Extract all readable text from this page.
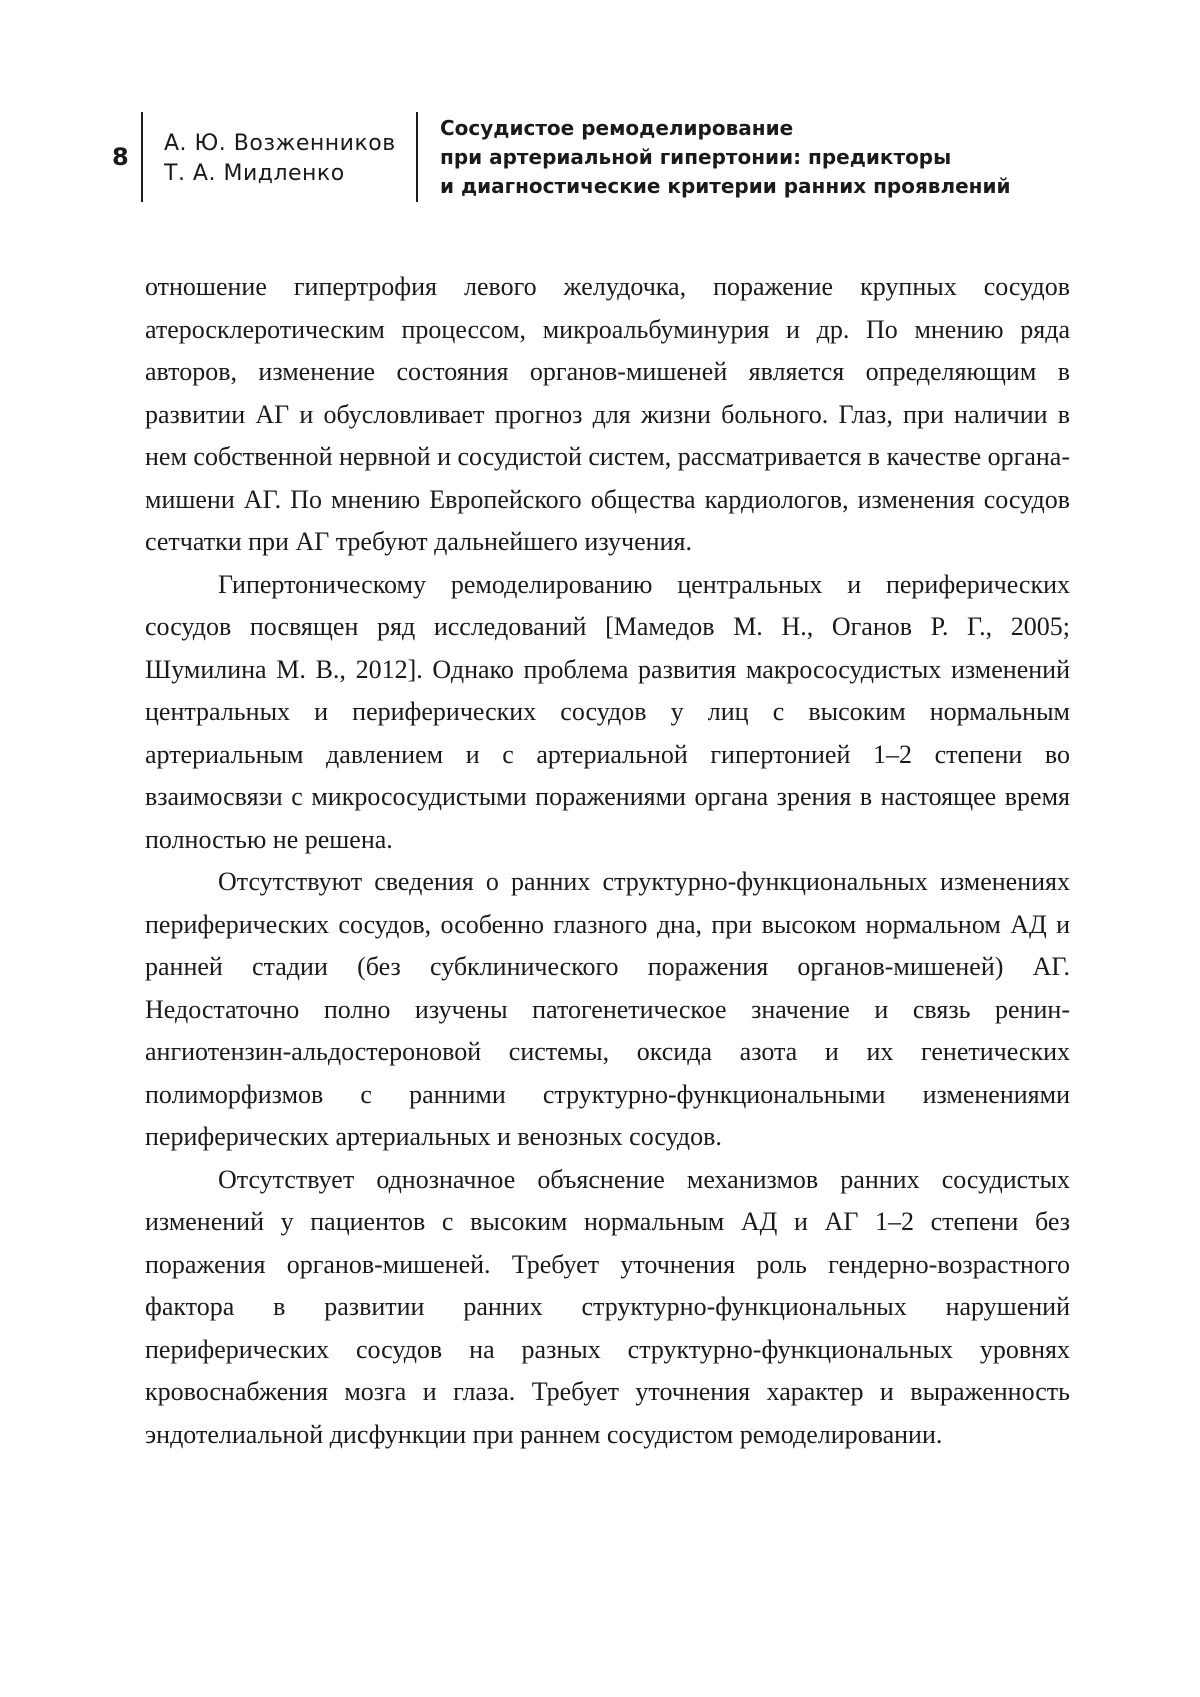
8	А. Ю. Возженников
Т. А. Мидленко
Сосудистое ремоделирование
при артериальной гипертонии: предикторы
и диагностические критерии ранних проявлений

отношение гипертрофия левого желудочка, поражение крупных сосудов атеросклеротическим процессом, микроальбуминурия и др. По мнению ряда авторов, изменение состояния органов-мишеней является определяющим в развитии АГ и обусловливает прогноз для жизни больного. Глаз, при наличии в нем собственной нервной и сосудистой систем, рассматривается в качестве органа-мишени АГ. По мнению Европейского общества кардиологов, изменения сосудов сетчатки при АГ требуют дальнейшего изучения.

Гипертоническому ремоделированию центральных и периферических сосудов посвящен ряд исследований [Мамедов М. Н., Оганов Р. Г., 2005; Шумилина М. В., 2012]. Однако проблема развития макрососудистых изменений центральных и периферических сосудов у лиц с высоким нормальным артериальным давлением и с артериальной гипертонией 1–2 степени во взаимосвязи с микрососудистыми поражениями органа зрения в настоящее время полностью не решена.

Отсутствуют сведения о ранних структурно-функциональных изменениях периферических сосудов, особенно глазного дна, при высоком нормальном АД и ранней стадии (без субклинического поражения органов-мишеней) АГ. Недостаточно полно изучены патогенетическое значение и связь ренин-ангиотензин-альдостероновой системы, оксида азота и их генетических полиморфизмов с ранними структурно-функциональными изменениями периферических артериальных и венозных сосудов.

Отсутствует однозначное объяснение механизмов ранних сосудистых изменений у пациентов с высоким нормальным АД и АГ 1–2 степени без поражения органов-мишеней. Требует уточнения роль гендерно-возрастного фактора в развитии ранних структурно-функциональных нарушений периферических сосудов на разных структурно-функциональных уровнях кровоснабжения мозга и глаза. Требует уточнения характер и выраженность эндотелиальной дисфункции при раннем сосудистом ремоделировании.
